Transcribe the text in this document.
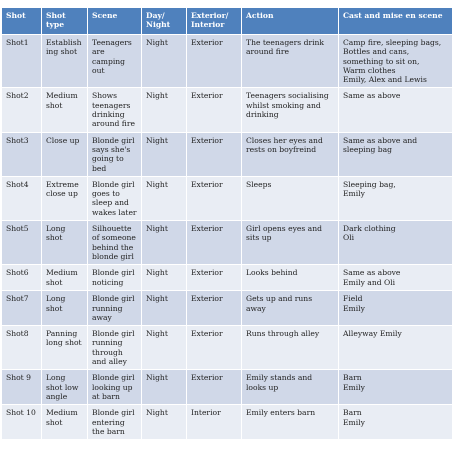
Shot	Shot type	Scene	Day/ Night	Exterior/ Interior	Action	Cast and mise en scene
Shot1	Establishing shot	Teenagers are camping out	Night	Exterior	The teenagers drink around fire	Camp fire, sleeping bags, Bottles and cans, something to sit on,
Warm clothes
Emily, Alex and Lewis

Shot2	Medium shot	Shows teenagers drinking around fire	Night	Exterior	Teenagers socialising whilst smoking and drinking	Same as above

Shot3	Close up	Blonde girl says she's going to bed	Night	Exterior	Closes her eyes and rests on boyfreind	Same as above and sleeping bag

Shot4	Extreme close up	Blonde girl goes to sleep and wakes later	Night	Exterior	Sleeps	Sleeping bag,
Emily

Shot5	Long shot	Silhouette of someone behind the blonde girl	Night	Exterior	Girl opens eyes and sits up	Dark clothing
Oli

Shot6	Medium shot	Blonde girl noticing	Night	Exterior	Looks behind	Same as above
Emily and Oli

Shot7	Long shot	Blonde girl running away	Night	Exterior	Gets up and runs away	Field
Emily

Shot8	Panning long shot	Blonde girl running through and alley	Night	Exterior	Runs through alley	Alleyway Emily

Shot 9	Long shot low angle	Blonde girl looking up at barn	Night	Exterior	Emily stands and looks up	Barn
Emily

Shot 10	Medium shot	Blonde girl entering the barn	Night	Interior	Emily enters barn	Barn
Emily
